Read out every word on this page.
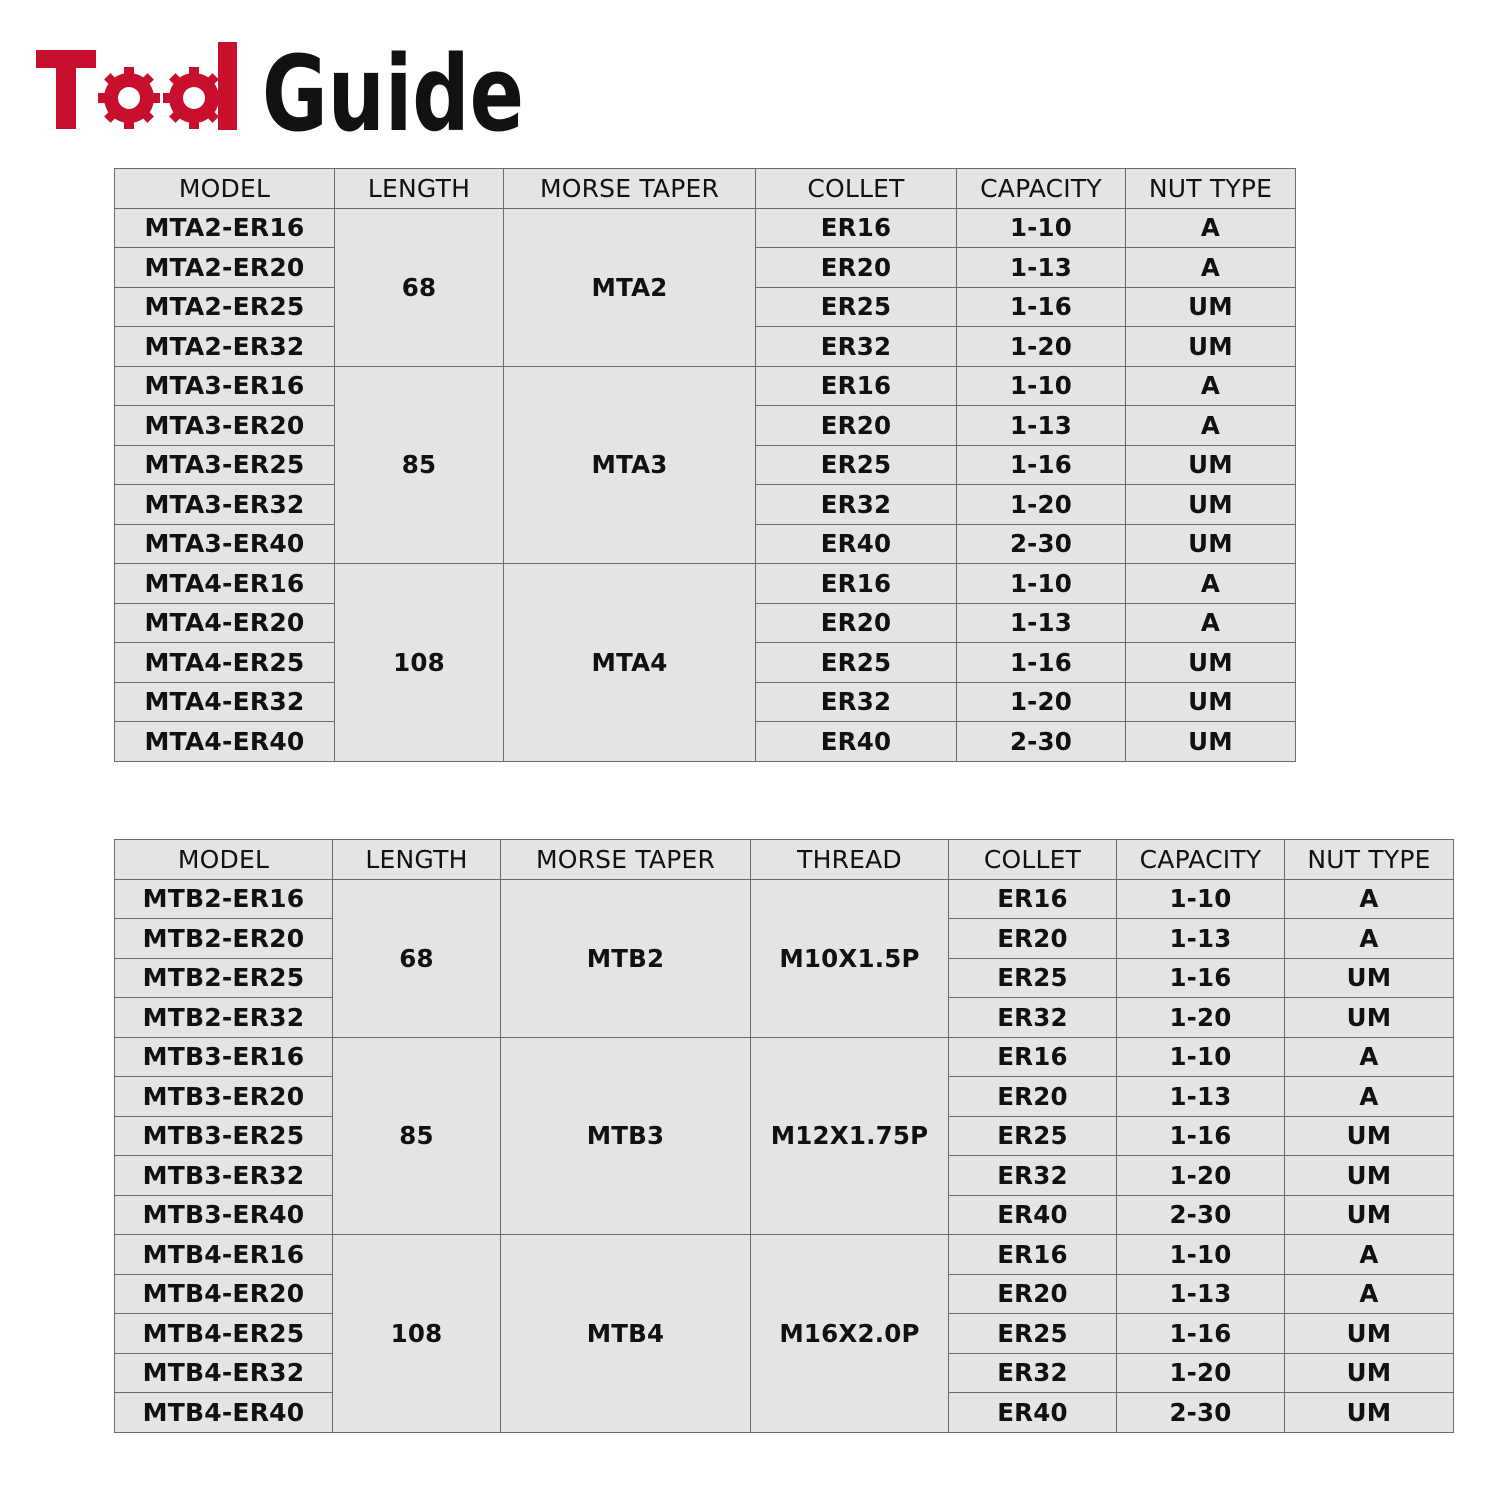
Guide
MODEL	LENGTH	MORSE TAPER	COLLET	CAPACITY	NUT TYPE
MTA2-ER16	68	MTA2	ER16	1-10	A
MTA2-ER20			ER20	1-13	A
MTA2-ER25			ER25	1-16	UM
MTA2-ER32			ER32	1-20	UM
MTA3-ER16	85	MTA3	ER16	1-10	A
MTA3-ER20			ER20	1-13	A
MTA3-ER25			ER25	1-16	UM
MTA3-ER32			ER32	1-20	UM
MTA3-ER40			ER40	2-30	UM
MTA4-ER16	108	MTA4	ER16	1-10	A
MTA4-ER20			ER20	1-13	A
MTA4-ER25			ER25	1-16	UM
MTA4-ER32			ER32	1-20	UM
MTA4-ER40			ER40	2-30	UM
MODEL	LENGTH	MORSE TAPER	THREAD	COLLET	CAPACITY	NUT TYPE
MTB2-ER16	68	MTB2	M10X1.5P	ER16	1-10	A
MTB2-ER20				ER20	1-13	A
MTB2-ER25				ER25	1-16	UM
MTB2-ER32				ER32	1-20	UM
MTB3-ER16	85	MTB3	M12X1.75P	ER16	1-10	A
MTB3-ER20				ER20	1-13	A
MTB3-ER25				ER25	1-16	UM
MTB3-ER32				ER32	1-20	UM
MTB3-ER40				ER40	2-30	UM
MTB4-ER16	108	MTB4	M16X2.0P	ER16	1-10	A
MTB4-ER20				ER20	1-13	A
MTB4-ER25				ER25	1-16	UM
MTB4-ER32				ER32	1-20	UM
MTB4-ER40				ER40	2-30	UM
